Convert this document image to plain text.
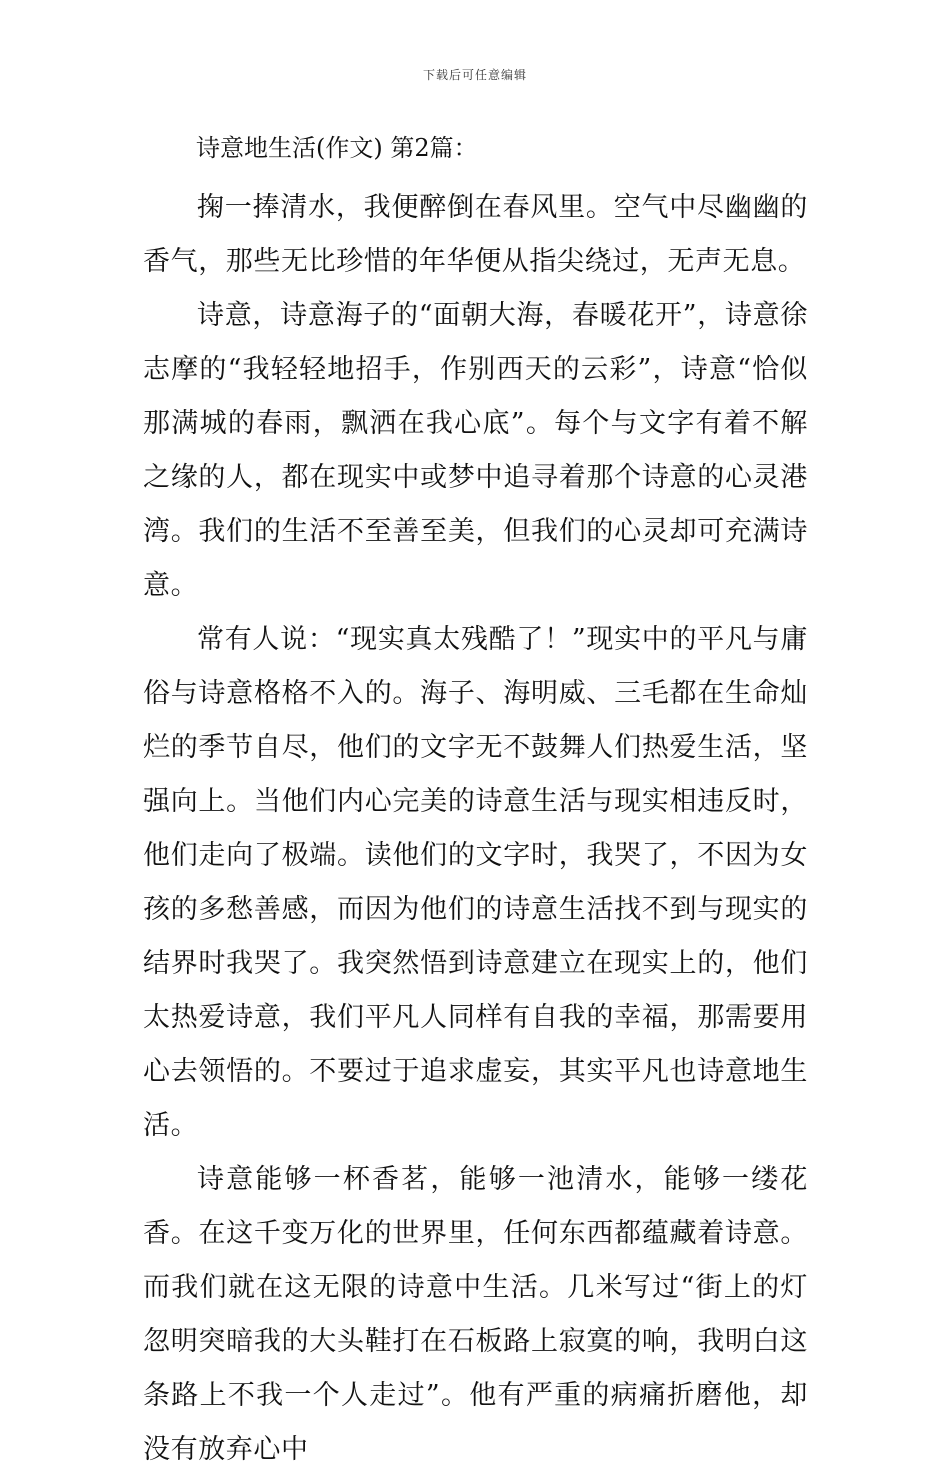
下载后可任意编辑
诗意地生活(作文) 第2篇：

掬一捧清水，我便醉倒在春风里。空气中尽幽幽的香气，那些无比珍惜的年华便从指尖绕过，无声无息。

诗意，诗意海子的“面朝大海，春暖花开”，诗意徐志摩的“我轻轻地招手，作别西天的云彩”，诗意“恰似那满城的春雨，飘洒在我心底”。每个与文字有着不解之缘的人，都在现实中或梦中追寻着那个诗意的心灵港湾。我们的生活不至善至美，但我们的心灵却可充满诗意。

常有人说：“现实真太残酷了！”现实中的平凡与庸俗与诗意格格不入的。海子、海明威、三毛都在生命灿烂的季节自尽，他们的文字无不鼓舞人们热爱生活，坚强向上。当他们内心完美的诗意生活与现实相违反时，他们走向了极端。读他们的文字时，我哭了，不因为女孩的多愁善感，而因为他们的诗意生活找不到与现实的结界时我哭了。我突然悟到诗意建立在现实上的，他们太热爱诗意，我们平凡人同样有自我的幸福，那需要用心去领悟的。不要过于追求虚妄，其实平凡也诗意地生活。

诗意能够一杯香茗，能够一池清水，能够一缕花香。在这千变万化的世界里，任何东西都蕴藏着诗意。而我们就在这无限的诗意中生活。几米写过“街上的灯忽明突暗我的大头鞋打在石板路上寂寞的响，我明白这条路上不我一个人走过”。他有严重的病痛折磨他，却没有放弃心中
